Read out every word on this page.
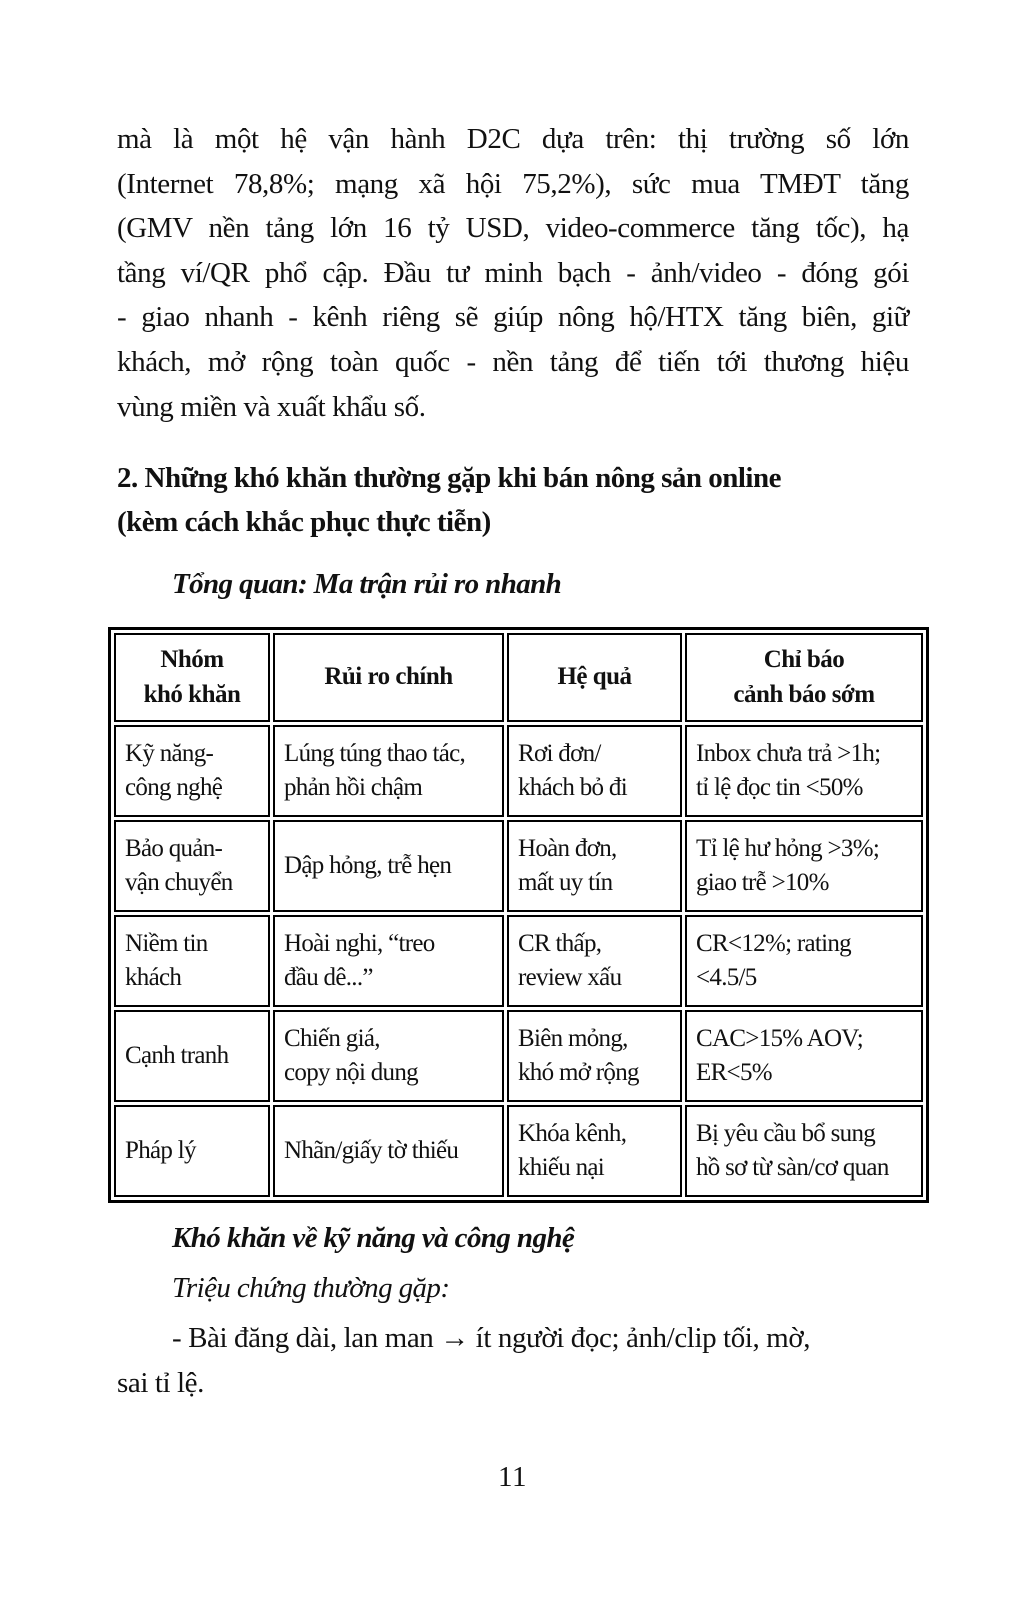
mà là một hệ vận hành D2C dựa trên: thị trường số lớn
(Internet 78,8%; mạng xã hội 75,2%), sức mua TMĐT tăng
(GMV nền tảng lớn 16 tỷ USD, video-commerce tăng tốc), hạ
tầng ví/QR phổ cập. Đầu tư minh bạch - ảnh/video - đóng gói
- giao nhanh - kênh riêng sẽ giúp nông hộ/HTX tăng biên, giữ
khách, mở rộng toàn quốc - nền tảng để tiến tới thương hiệu
vùng miền và xuất khẩu số.
2. Những khó khăn thường gặp khi bán nông sản online
(kèm cách khắc phục thực tiễn)
Tổng quan: Ma trận rủi ro nhanh
Nhóm
khó khăn	Rủi ro chính	Hệ quả	Chỉ báo
cảnh báo sớm

Kỹ năng-
công nghệ	Lúng túng thao tác,
phản hồi chậm	Rơi đơn/
khách bỏ đi	Inbox chưa trả >1h;
tỉ lệ đọc tin <50%

Bảo quản-
vận chuyển	Dập hỏng, trễ hẹn	Hoàn đơn,
mất uy tín	Tỉ lệ hư hỏng >3%;
giao trễ >10%

Niềm tin
khách	Hoài nghi, “treo
đầu dê...”	CR thấp,
review xấu	CR<12%; rating
<4.5/5

Cạnh tranh	Chiến giá,
copy nội dung	Biên mỏng,
khó mở rộng	CAC>15% AOV;
ER<5%

Pháp lý	Nhãn/giấy tờ thiếu	Khóa kênh,
khiếu nại	Bị yêu cầu bổ sung
hồ sơ từ sàn/cơ quan
Khó khăn về kỹ năng và công nghệ
Triệu chứng thường gặp:
- Bài đăng dài, lan man → ít người đọc; ảnh/clip tối, mờ,
sai tỉ lệ.
11
